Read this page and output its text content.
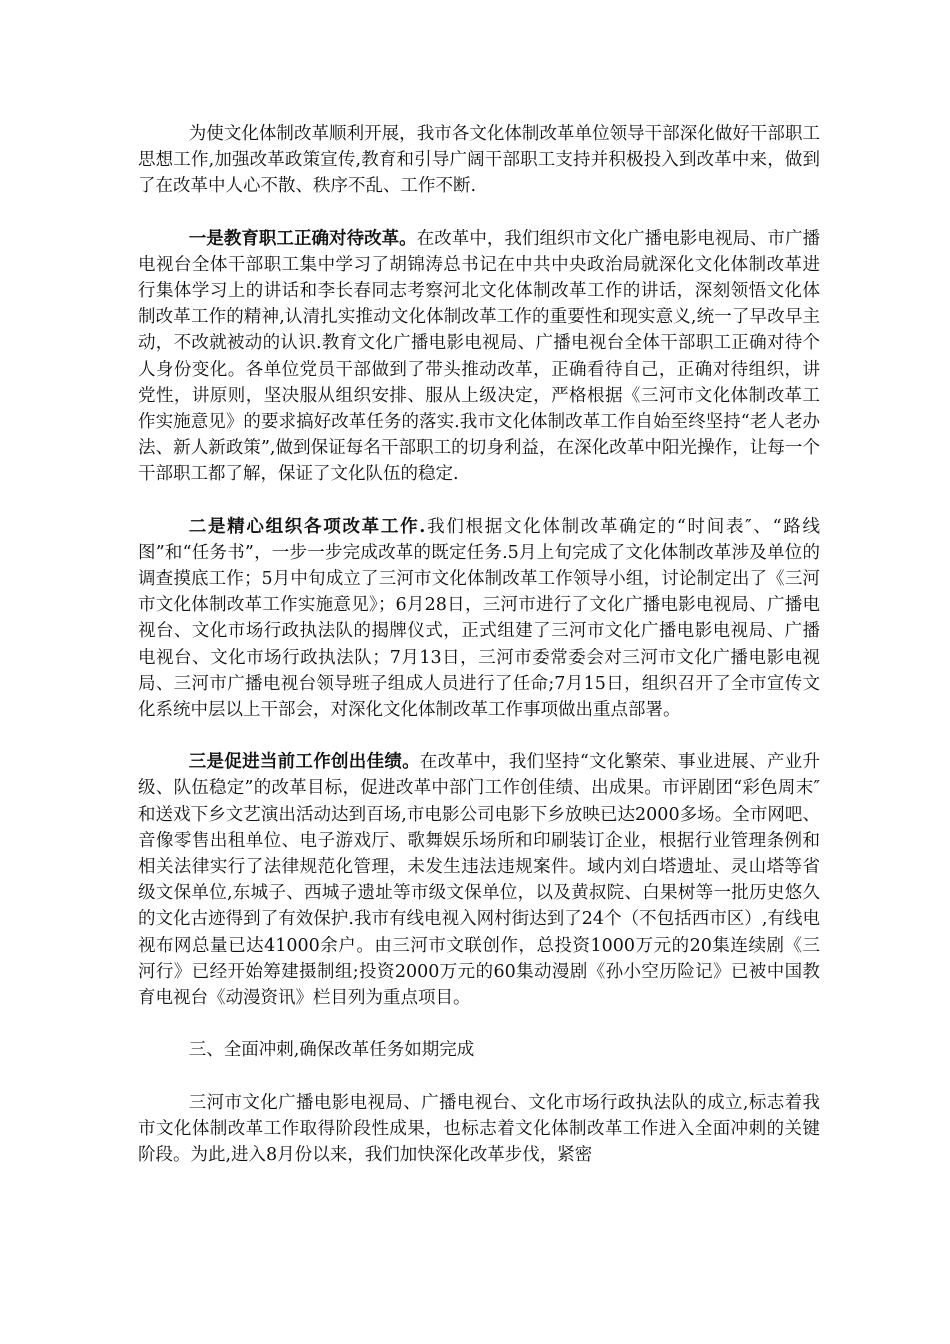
为使文化体制改革顺利开展，我市各文化体制改革单位领导干部深化做好干部职工思想工作,加强改革政策宣传,教育和引导广阔干部职工支持并积极投入到改革中来，做到了在改革中人心不散、秩序不乱、工作不断.

一是教育职工正确对待改革。在改革中，我们组织市文化广播电影电视局、市广播电视台全体干部职工集中学习了胡锦涛总书记在中共中央政治局就深化文化体制改革进行集体学习上的讲话和李长春同志考察河北文化体制改革工作的讲话，深刻领悟文化体制改革工作的精神,认清扎实推动文化体制改革工作的重要性和现实意义,统一了早改早主动，不改就被动的认识.教育文化广播电影电视局、广播电视台全体干部职工正确对待个人身份变化。各单位党员干部做到了带头推动改革，正确看待自己，正确对待组织，讲党性，讲原则，坚决服从组织安排、服从上级决定，严格根据《三河市文化体制改革工作实施意见》的要求搞好改革任务的落实.我市文化体制改革工作自始至终坚持“老人老办法、新人新政策”,做到保证每名干部职工的切身利益，在深化改革中阳光操作，让每一个干部职工都了解，保证了文化队伍的稳定.

二是精心组织各项改革工作.我们根据文化体制改革确定的“时间表″、“路线图”和“任务书”，一步一步完成改革的既定任务.5月上旬完成了文化体制改革涉及单位的调查摸底工作；5月中旬成立了三河市文化体制改革工作领导小组，讨论制定出了《三河市文化体制改革工作实施意见》；6月28日，三河市进行了文化广播电影电视局、广播电视台、文化市场行政执法队的揭牌仪式，正式组建了三河市文化广播电影电视局、广播电视台、文化市场行政执法队；7月13日，三河市委常委会对三河市文化广播电影电视局、三河市广播电视台领导班子组成人员进行了任命;7月15日，组织召开了全市宣传文化系统中层以上干部会，对深化文化体制改革工作事项做出重点部署。

三是促进当前工作创出佳绩。在改革中，我们坚持“文化繁荣、事业进展、产业升级、队伍稳定”的改革目标，促进改革中部门工作创佳绩、出成果。市评剧团“彩色周末″和送戏下乡文艺演出活动达到百场,市电影公司电影下乡放映已达2000多场。全市网吧、音像零售出租单位、电子游戏厅、歌舞娱乐场所和印刷装订企业，根据行业管理条例和相关法律实行了法律规范化管理，未发生违法违规案件。域内刘白塔遗址、灵山塔等省级文保单位,东城子、西城子遗址等市级文保单位，以及黄叔院、白果树等一批历史悠久的文化古迹得到了有效保护.我市有线电视入网村街达到了24个（不包括西市区）,有线电视布网总量已达41000余户。由三河市文联创作，总投资1000万元的20集连续剧《三河行》已经开始筹建摄制组;投资2000万元的60集动漫剧《孙小空历险记》已被中国教育电视台《动漫资讯》栏目列为重点项目。

三、全面冲刺,确保改革任务如期完成

三河市文化广播电影电视局、广播电视台、文化市场行政执法队的成立,标志着我市文化体制改革工作取得阶段性成果，也标志着文化体制改革工作进入全面冲刺的关键阶段。为此,进入8月份以来，我们加快深化改革步伐，紧密
